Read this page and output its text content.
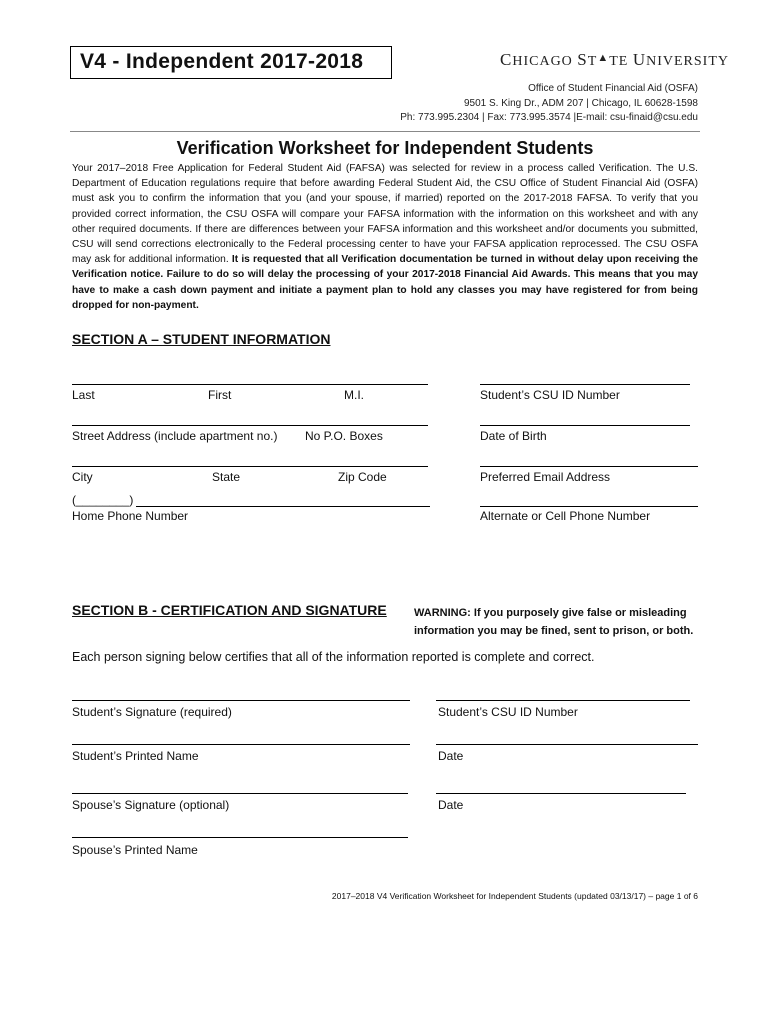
V4 - Independent 2017-2018	CHICAGO ST▲TE UNIVERSITY
Office of Student Financial Aid (OSFA)
9501 S. King Dr., ADM 207 | Chicago, IL 60628-1598
Ph: 773.995.2304 | Fax: 773.995.3574 |E-mail: csu-finaid@csu.edu
Verification Worksheet for Independent Students
Your 2017–2018 Free Application for Federal Student Aid (FAFSA) was selected for review in a process called Verification. The U.S. Department of Education regulations require that before awarding Federal Student Aid, the CSU Office of Student Financial Aid (OSFA) must ask you to confirm the information that you (and your spouse, if married) reported on the 2017-2018 FAFSA. To verify that you provided correct information, the CSU OSFA will compare your FAFSA information with the information on this worksheet and with any other required documents. If there are differences between your FAFSA information and this worksheet and/or documents you submitted, CSU will send corrections electronically to the Federal processing center to have your FAFSA application reprocessed. The CSU OSFA may ask for additional information. It is requested that all Verification documentation be turned in without delay upon receiving the Verification notice. Failure to do so will delay the processing of your 2017-2018 Financial Aid Awards. This means that you may have to make a cash down payment and initiate a payment plan to hold any classes you may have registered for from being dropped for non-payment.
SECTION A – STUDENT INFORMATION
Last	First	M.I.	Student’s CSU ID Number
Street Address (include apartment no.) No P.O. Boxes	Date of Birth
City	State	Zip Code	Preferred Email Address
(________)
Home Phone Number	Alternate or Cell Phone Number
SECTION B - CERTIFICATION AND SIGNATURE WARNING: If you purposely give false or misleading information you may be fined, sent to prison, or both.
Each person signing below certifies that all of the information reported is complete and correct.
Student’s Signature (required)	Student’s CSU ID Number
Student’s Printed Name	Date
Spouse’s Signature (optional)	Date
Spouse’s Printed Name
2017–2018 V4 Verification Worksheet for Independent Students (updated 03/13/17) – page 1 of 6
